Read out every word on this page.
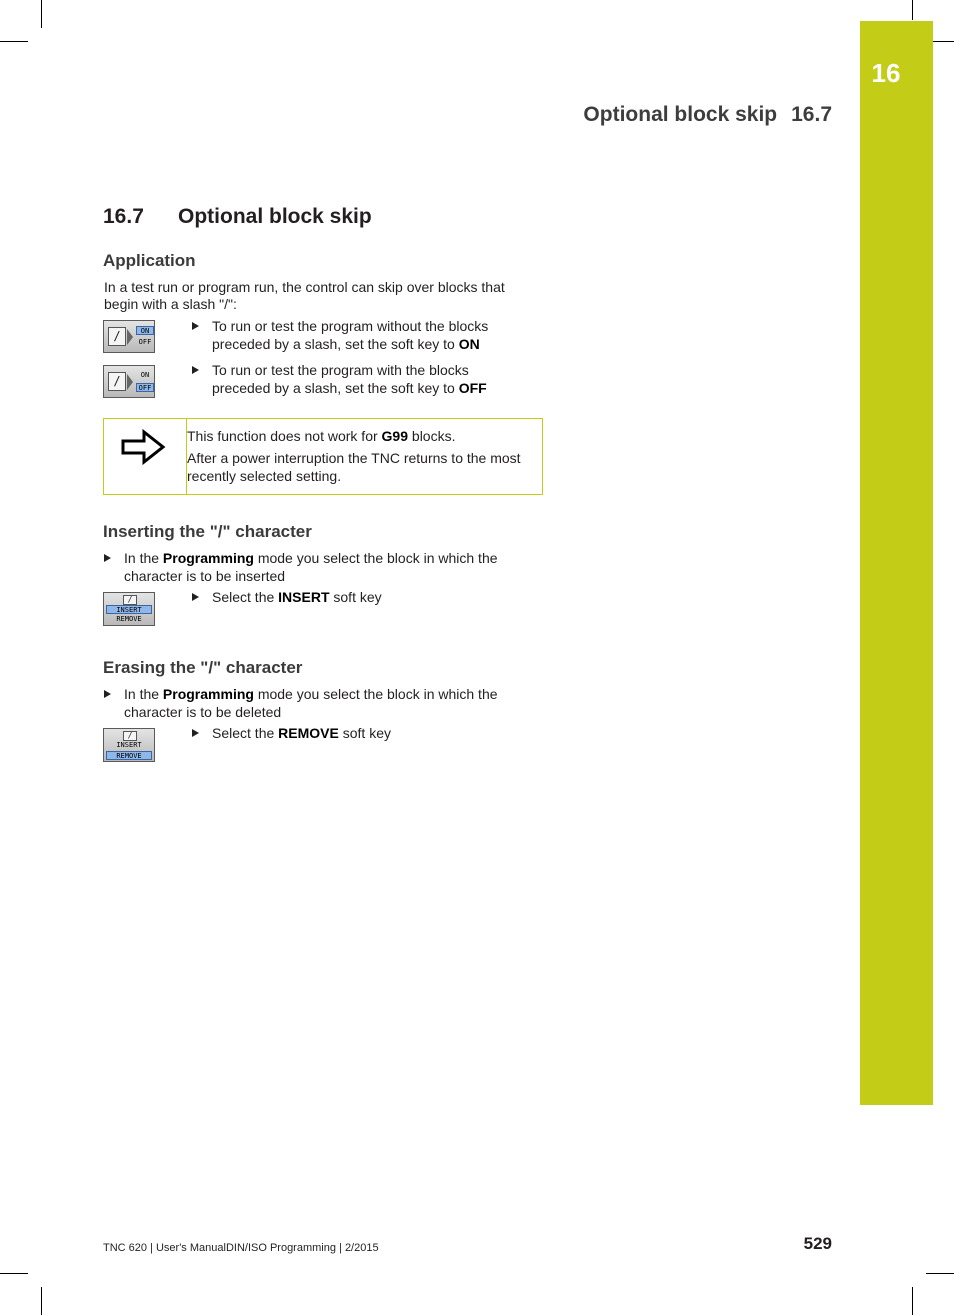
16
Optional block skip 16.7
16.7 Optional block skip
Application
In a test run or program run, the control can skip over blocks that begin with a slash "/":
/	ON
OFF
To run or test the program without the blocks preceded by a slash, set the soft key to ON
/	ON
OFF
To run or test the program with the blocks preceded by a slash, set the soft key to OFF

This function does not work for G99 blocks.

After a power interruption the TNC returns to the most recently selected setting.

Inserting the "/" character
In the Programming mode you select the block in which the character is to be inserted
/
INSERT
REMOVE
Select the INSERT soft key
Erasing the "/" character
In the Programming mode you select the block in which the character is to be deleted
/
INSERT
REMOVE
Select the REMOVE soft key
TNC 620 | User's ManualDIN/ISO Programming | 2/2015	529
